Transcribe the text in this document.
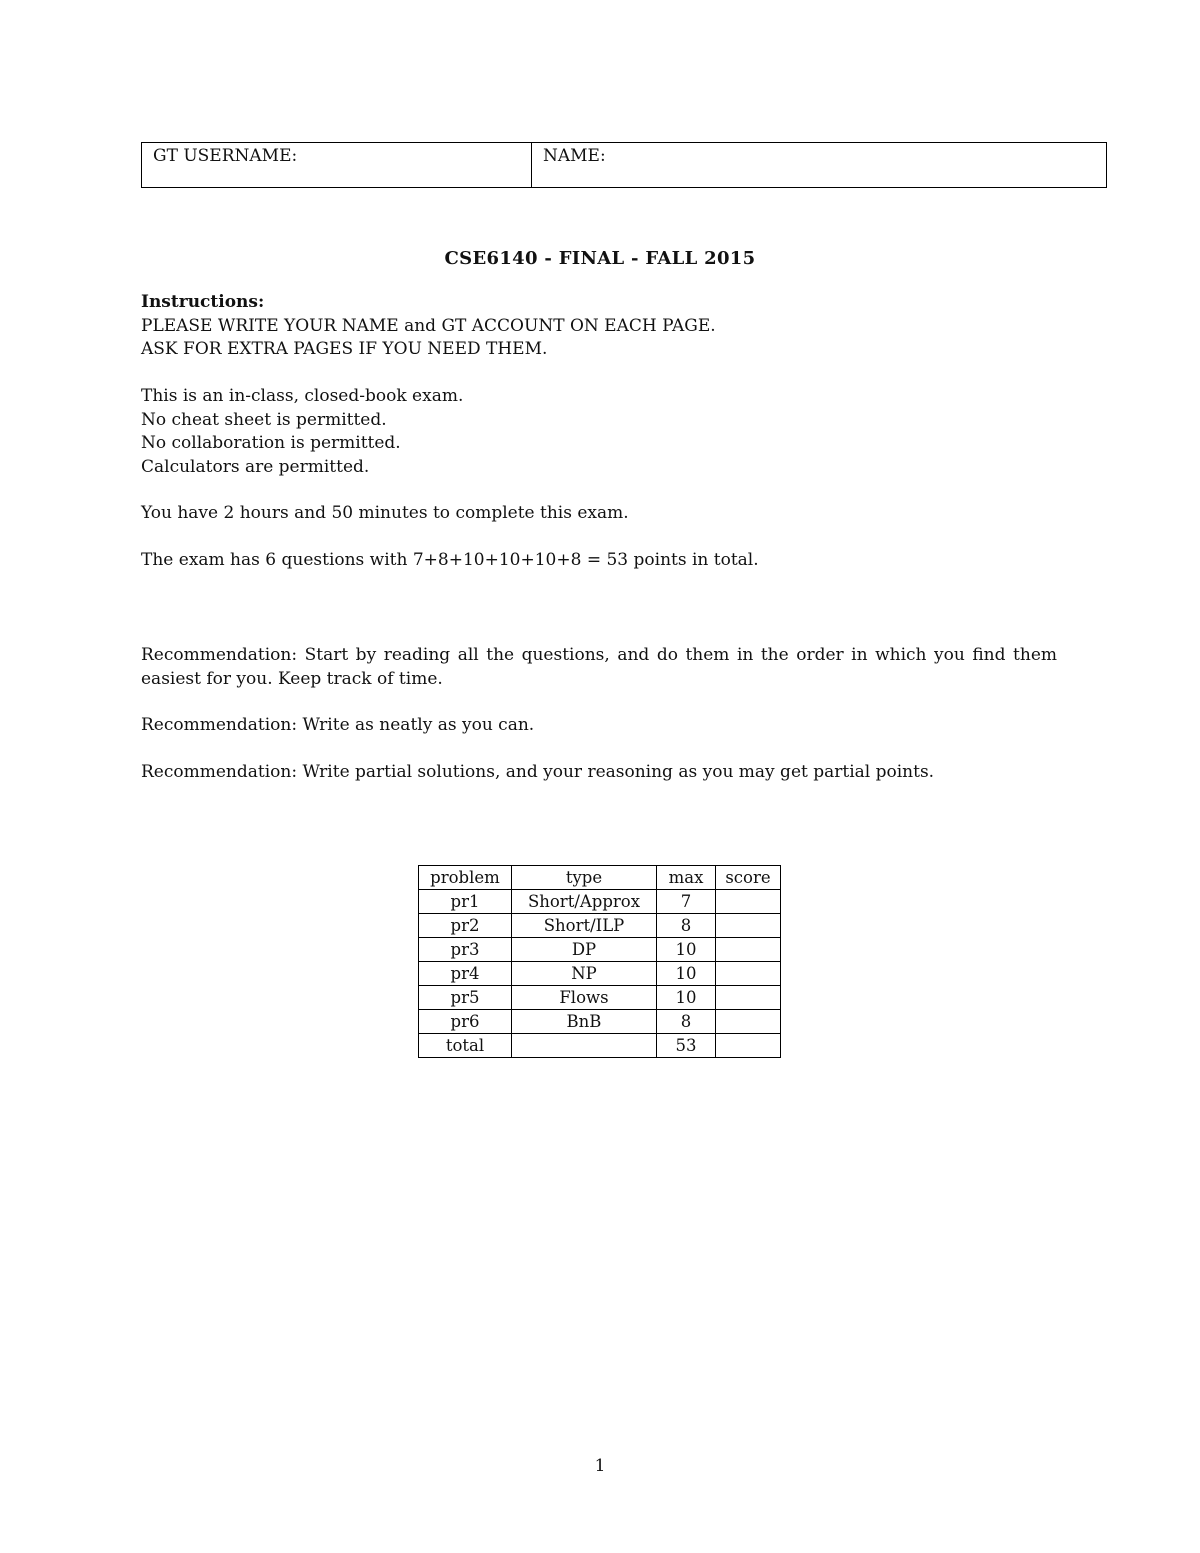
GT USERNAME:	NAME:
CSE6140 - FINAL - FALL 2015

Instructions:

PLEASE WRITE YOUR NAME and GT ACCOUNT ON EACH PAGE.

ASK FOR EXTRA PAGES IF YOU NEED THEM.

This is an in-class, closed-book exam.

No cheat sheet is permitted.

No collaboration is permitted.

Calculators are permitted.

You have 2 hours and 50 minutes to complete this exam.
The exam has 6 questions with 7+8+10+10+10+8 = 53 points in total.
Recommendation: Start by reading all the questions, and do them in the order in which you find them easiest for you. Keep track of time.
Recommendation: Write as neatly as you can.
Recommendation: Write partial solutions, and your reasoning as you may get partial points.
problem	type	max	score
pr1	Short/Approx	7	
pr2	Short/ILP	8	
pr3	DP	10	
pr4	NP	10	
pr5	Flows	10	
pr6	BnB	8	
total		53	
1
